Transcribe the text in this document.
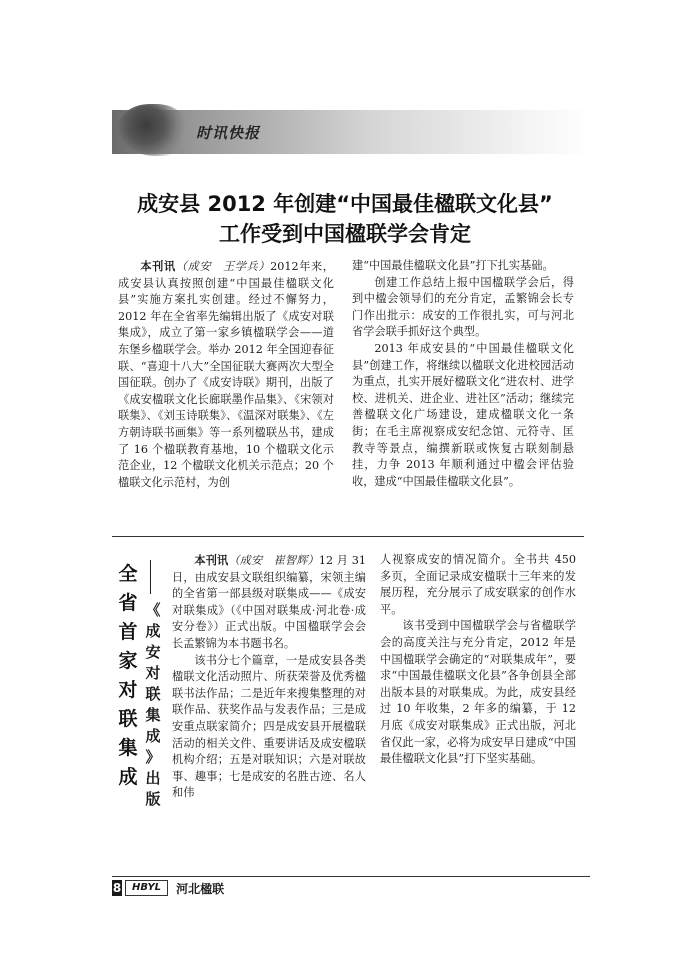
时讯快报
成安县 2012 年创建“中国最佳楹联文化县”
工作受到中国楹联学会肯定

本刊讯（成安　王学兵）2012年来，成安县认真按照创建“中国最佳楹联文化县”实施方案扎实创建。经过不懈努力，2012 年在全省率先编辑出版了《成安对联集成》，成立了第一家乡镇楹联学会——道东堡乡楹联学会。举办 2012 年全国迎春征联、“喜迎十八大”全国征联大赛两次大型全国征联。创办了《成安诗联》期刊，出版了《成安楹联文化长廊联墨作品集》、《宋领对联集》、《刘玉诗联集》、《温深对联集》、《左方朝诗联书画集》等一系列楹联丛书，建成了 16 个楹联教育基地，10 个楹联文化示范企业，12 个楹联文化机关示范点；20 个楹联文化示范村，为创

建“中国最佳楹联文化县”打下扎实基础。

创建工作总结上报中国楹联学会后，得到中楹会领导们的充分肯定，孟繁锦会长专门作出批示：成安的工作很扎实，可与河北省学会联手抓好这个典型。

2013 年成安县的“中国最佳楹联文化县”创建工作，将继续以楹联文化进校园活动为重点，扎实开展好楹联文化“进农村、进学校、进机关、进企业、进社区”活动；继续完善楹联文化广场建设，建成楹联文化一条街；在毛主席视察成安纪念馆、元符寺、匡教寺等景点，编撰新联或恢复古联刻制悬挂，力争 2013 年顺利通过中楹会评估验收，建成“中国最佳楹联文化县”。

全
省
首
家
对
联
集
成
《
成
安
对
联
集
成
》
出
版

本刊讯（成安　崔智辉）12 月 31 日，由成安县文联组织编纂，宋领主编的全省第一部县级对联集成——《成安对联集成》（《中国对联集成·河北卷·成安分卷》）正式出版。中国楹联学会会长孟繁锦为本书题书名。

该书分七个篇章，一是成安县各类楹联文化活动照片、所获荣誉及优秀楹联书法作品；二是近年来搜集整理的对联作品、获奖作品与发表作品；三是成安重点联家简介；四是成安县开展楹联活动的相关文件、重要讲话及成安楹联机构介绍；五是对联知识；六是对联故事、趣事；七是成安的名胜古迹、名人和伟

人视察成安的情况简介。全书共 450 多页，全面记录成安楹联十三年来的发展历程，充分展示了成安联家的创作水平。

该书受到中国楹联学会与省楹联学会的高度关注与充分肯定，2012 年是中国楹联学会确定的“对联集成年”，要求“中国最佳楹联文化县”各争创县全部出版本县的对联集成。为此，成安县经过 10 年收集，2 年多的编纂，于 12 月底《成安对联集成》正式出版，河北省仅此一家，必将为成安早日建成“中国最佳楹联文化县”打下坚实基础。

8	HBYL	河北楹联
